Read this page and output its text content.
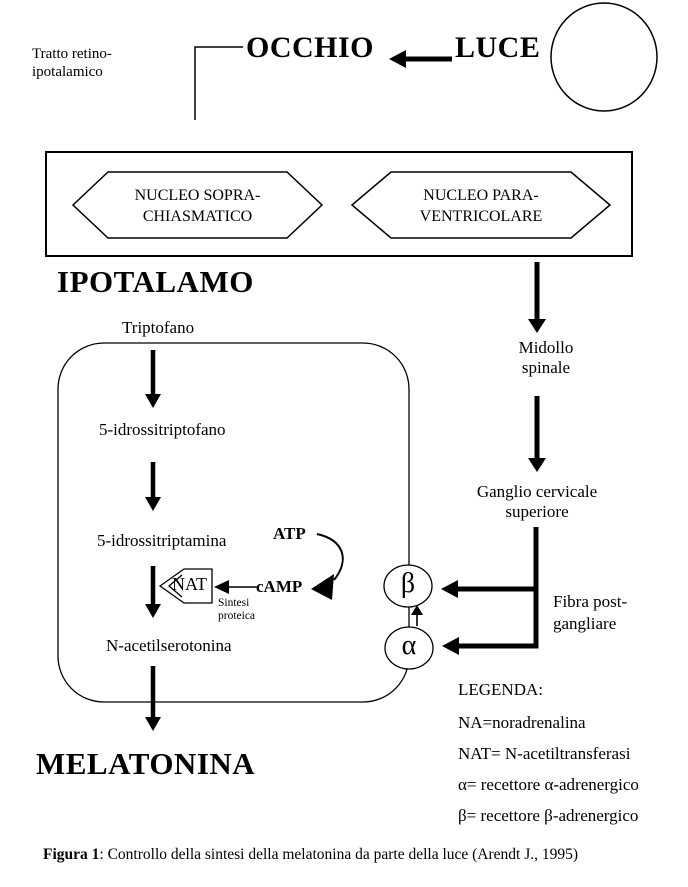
Tratto retino-
ipotalamico
OCCHIO	LUCE
NUCLEO SOPRA-
CHIASMATICO
NUCLEO PARA-
VENTRICOLARE
IPOTALAMO
Triptofano
5-idrossitriptofano
5-idrossitriptamina	ATP
cAMP
NAT
Sintesi
proteica
N-acetilserotonina
MELATONINA
Midollo
spinale
Ganglio cervicale
superiore
β
α
Fibra post-
gangliare
LEGENDA:
NA=noradrenalina
NAT= N-acetiltransferasi
α= recettore α-adrenergico
β= recettore β-adrenergico
Figura 1: Controllo della sintesi della melatonina da parte della luce (Arendt J., 1995)
